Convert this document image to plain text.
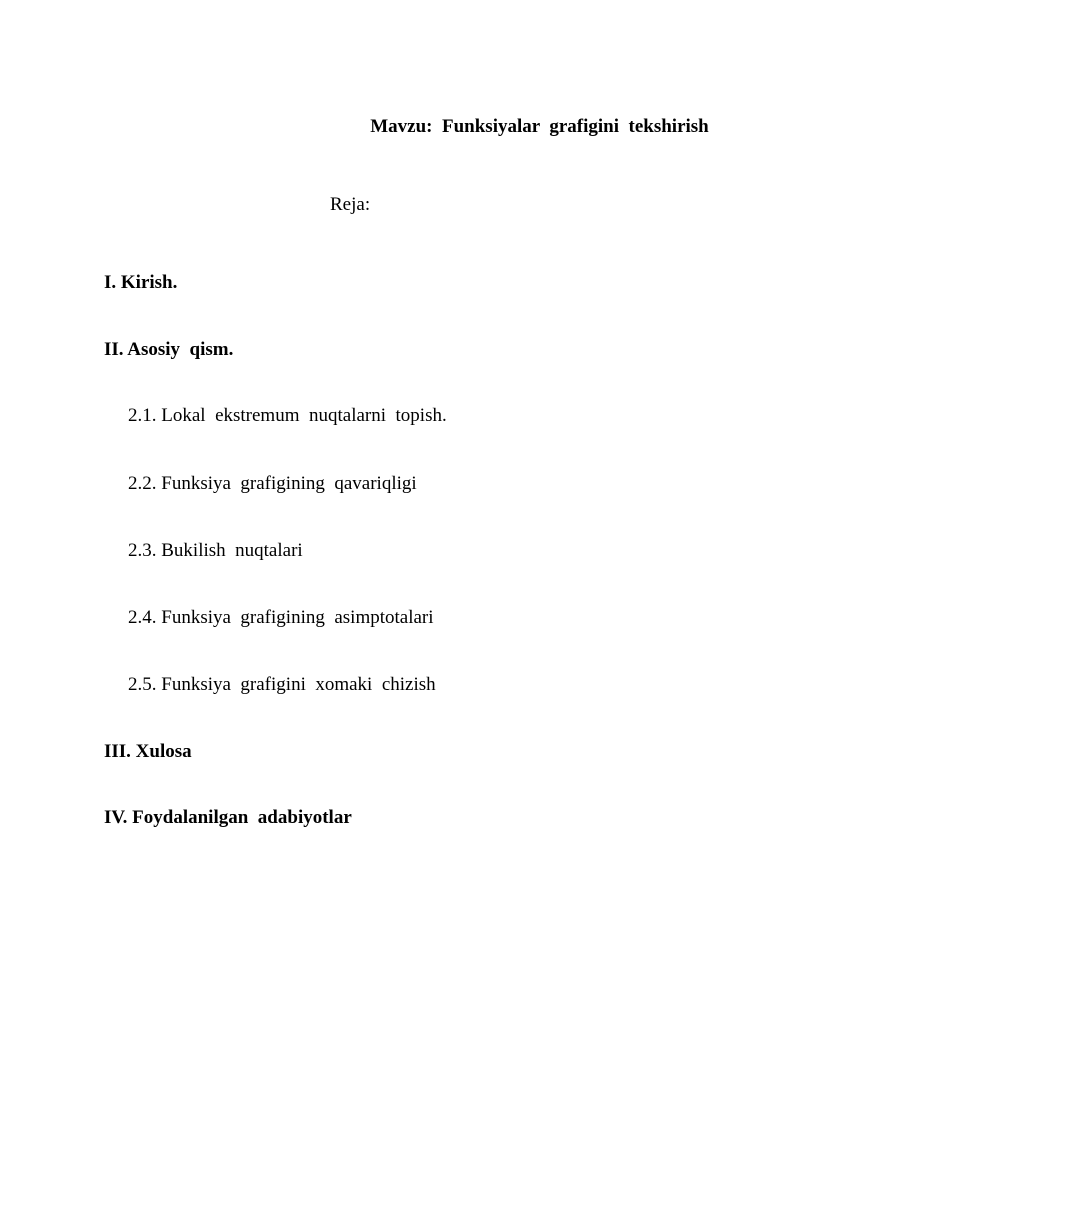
Mavzu:  Funksiyalar  grafigini  tekshirish
Reja:
I. Kirish.
II. Asosiy  qism.
2.1. Lokal  ekstremum  nuqtalarni  topish.
2.2. Funksiya  grafigining  qavariqligi
2.3. Bukilish  nuqtalari
2.4. Funksiya  grafigining  asimptotalari
2.5. Funksiya  grafigini  xomaki  chizish
III. Xulosa
IV. Foydalanilgan  adabiyotlar
